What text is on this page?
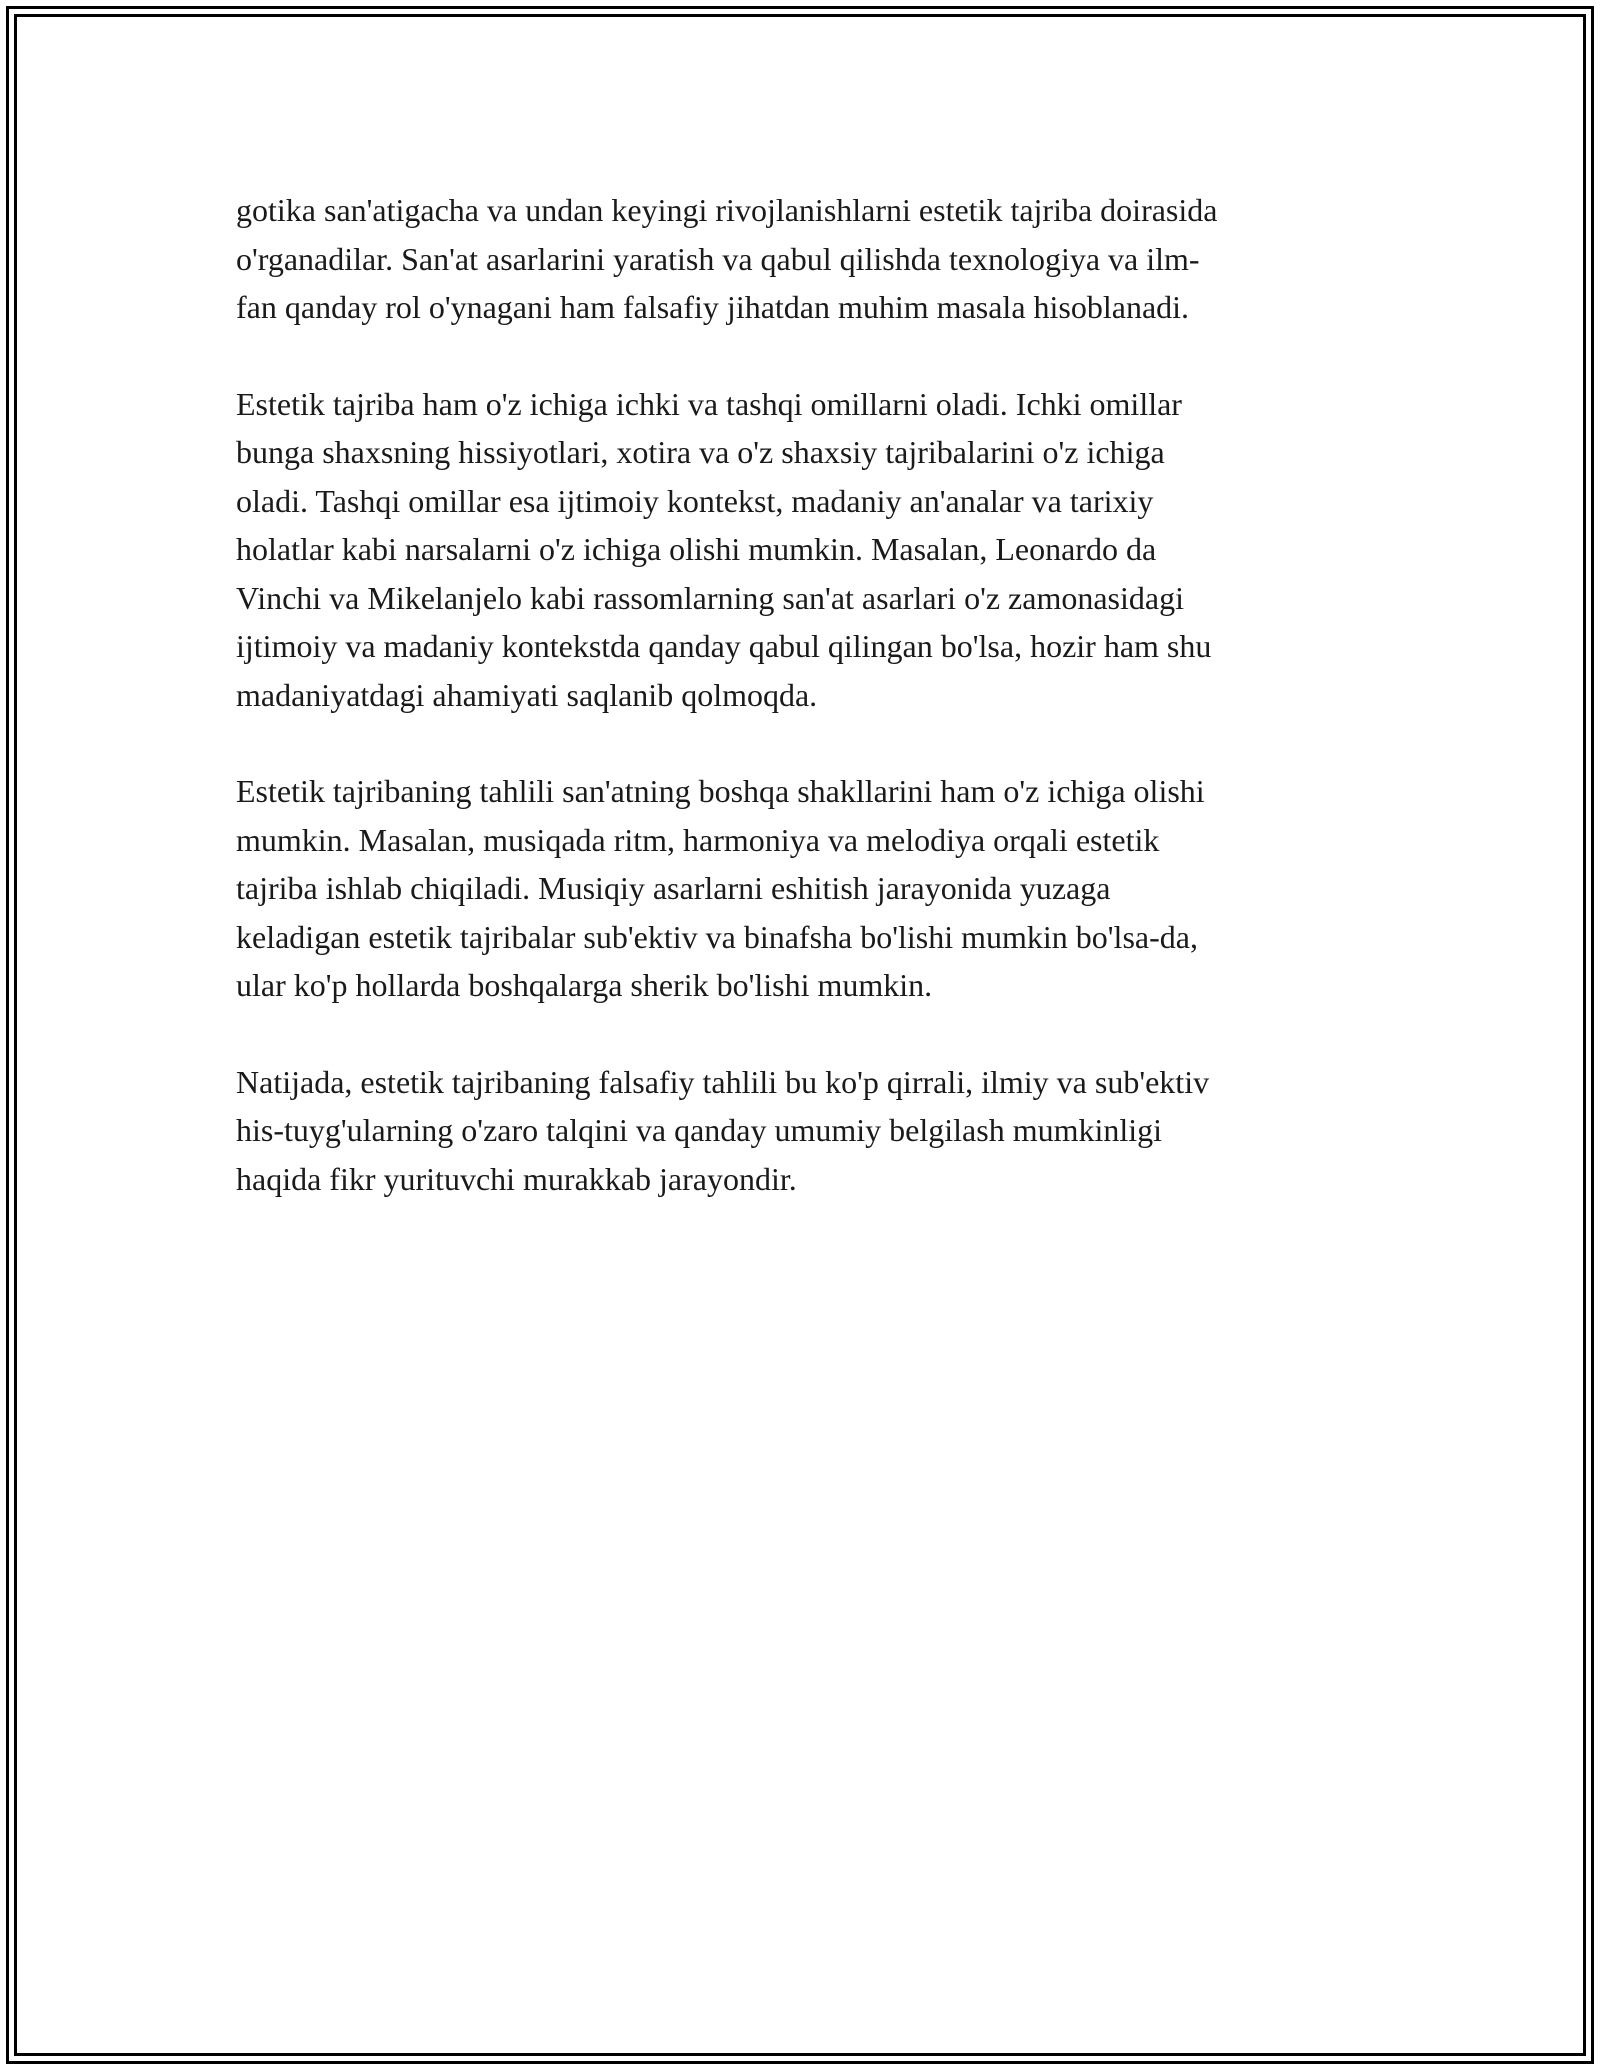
gotika san'atigacha va undan keyingi rivojlanishlarni estetik tajriba doirasida
o'rganadilar. San'at asarlarini yaratish va qabul qilishda texnologiya va ilm-
fan qanday rol o'ynagani ham falsafiy jihatdan muhim masala hisoblanadi.

Estetik tajriba ham o'z ichiga ichki va tashqi omillarni oladi. Ichki omillar
bunga shaxsning hissiyotlari, xotira va o'z shaxsiy tajribalarini o'z ichiga
oladi. Tashqi omillar esa ijtimoiy kontekst, madaniy an'analar va tarixiy
holatlar kabi narsalarni o'z ichiga olishi mumkin. Masalan, Leonardo da
Vinchi va Mikelanjelo kabi rassomlarning san'at asarlari o'z zamonasidagi
ijtimoiy va madaniy kontekstda qanday qabul qilingan bo'lsa, hozir ham shu
madaniyatdagi ahamiyati saqlanib qolmoqda.

Estetik tajribaning tahlili san'atning boshqa shakllarini ham o'z ichiga olishi
mumkin. Masalan, musiqada ritm, harmoniya va melodiya orqali estetik
tajriba ishlab chiqiladi. Musiqiy asarlarni eshitish jarayonida yuzaga
keladigan estetik tajribalar sub'ektiv va binafsha bo'lishi mumkin bo'lsa-da,
ular ko'p hollarda boshqalarga sherik bo'lishi mumkin.

Natijada, estetik tajribaning falsafiy tahlili bu ko'p qirrali, ilmiy va sub'ektiv
his-tuyg'ularning o'zaro talqini va qanday umumiy belgilash mumkinligi
haqida fikr yurituvchi murakkab jarayondir.
